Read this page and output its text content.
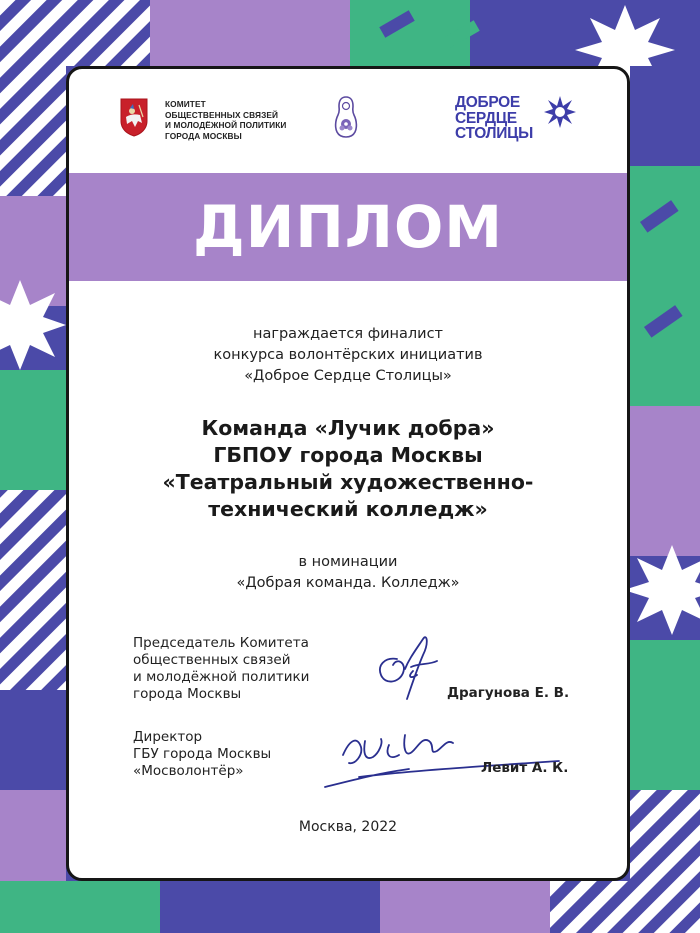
КОМИТЕТ
ОБЩЕСТВЕННЫХ СВЯЗЕЙ
И МОЛОДЁЖНОЙ ПОЛИТИКИ
ГОРОДА МОСКВЫ
ДОБРОЕ
СЕРДЦЕ
СТОЛИЦЫ
ДИПЛОМ
награждается финалист
конкурса волонтёрских инициатив
«Доброе Сердце Столицы»
Команда «Лучик добра»
ГБПОУ города Москвы
«Театральный художественно-
технический колледж»
в номинации
«Добрая команда. Колледж»
Председатель Комитета
общественных связей
и молодёжной политики
города Москвы	Драгунова Е. В.
Директор
ГБУ города Москвы
«Мосволонтёр»	Левит А. К.
Москва, 2022
